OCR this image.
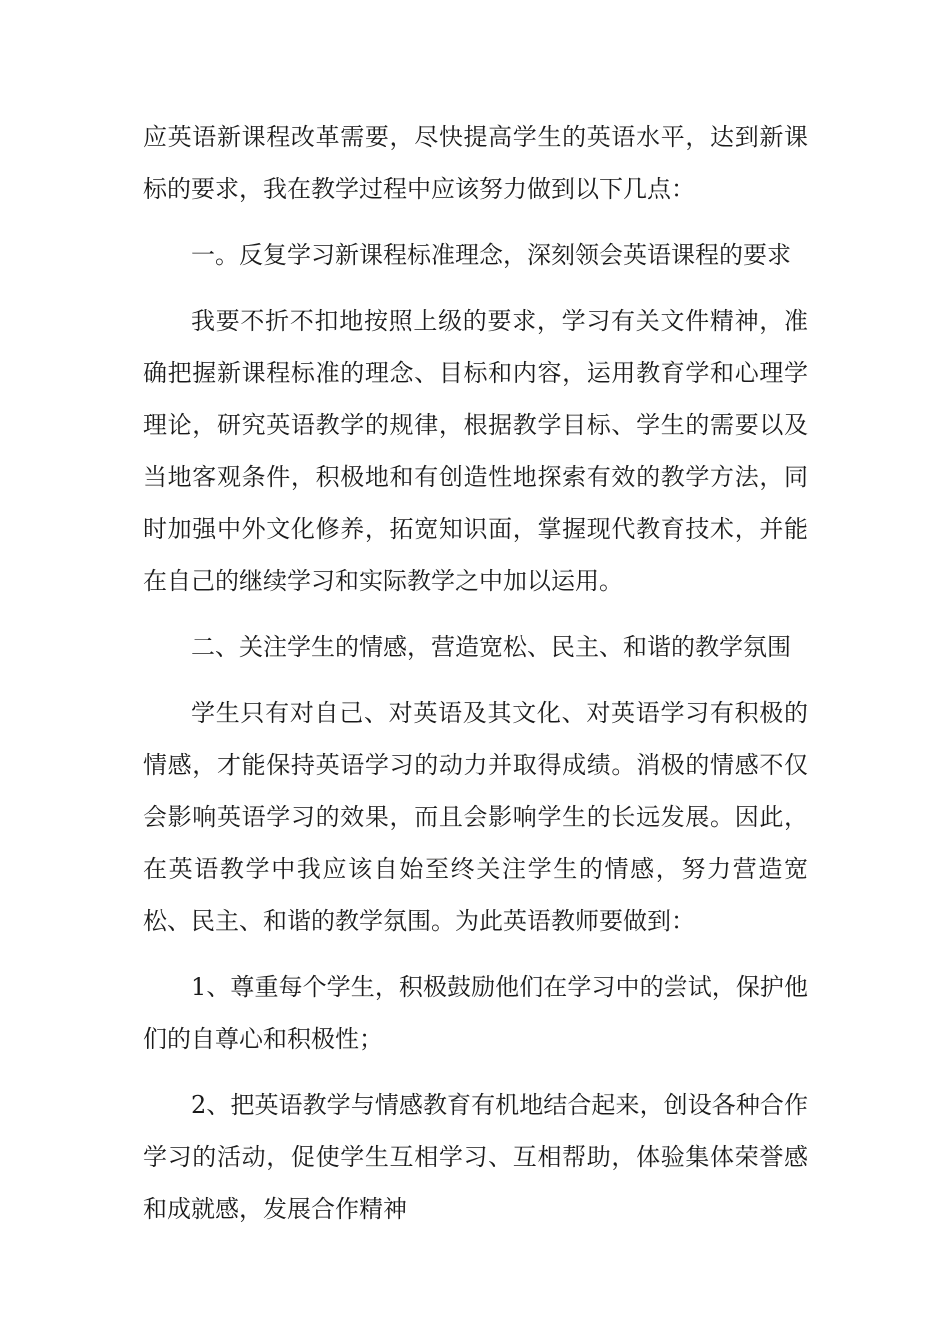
应英语新课程改革需要，尽快提高学生的英语水平，达到新课标的要求，我在教学过程中应该努力做到以下几点：

一。反复学习新课程标准理念，深刻领会英语课程的要求

我要不折不扣地按照上级的要求，学习有关文件精神，准确把握新课程标准的理念、目标和内容，运用教育学和心理学理论，研究英语教学的规律，根据教学目标、学生的需要以及当地客观条件，积极地和有创造性地探索有效的教学方法，同时加强中外文化修养，拓宽知识面，掌握现代教育技术，并能在自己的继续学习和实际教学之中加以运用。

二、关注学生的情感，营造宽松、民主、和谐的教学氛围

学生只有对自己、对英语及其文化、对英语学习有积极的情感，才能保持英语学习的动力并取得成绩。消极的情感不仅会影响英语学习的效果，而且会影响学生的长远发展。因此，在英语教学中我应该自始至终关注学生的情感，努力营造宽松、民主、和谐的教学氛围。为此英语教师要做到：

1、尊重每个学生，积极鼓励他们在学习中的尝试，保护他们的自尊心和积极性；

2、把英语教学与情感教育有机地结合起来，创设各种合作学习的活动，促使学生互相学习、互相帮助，体验集体荣誉感和成就感，发展合作精神
